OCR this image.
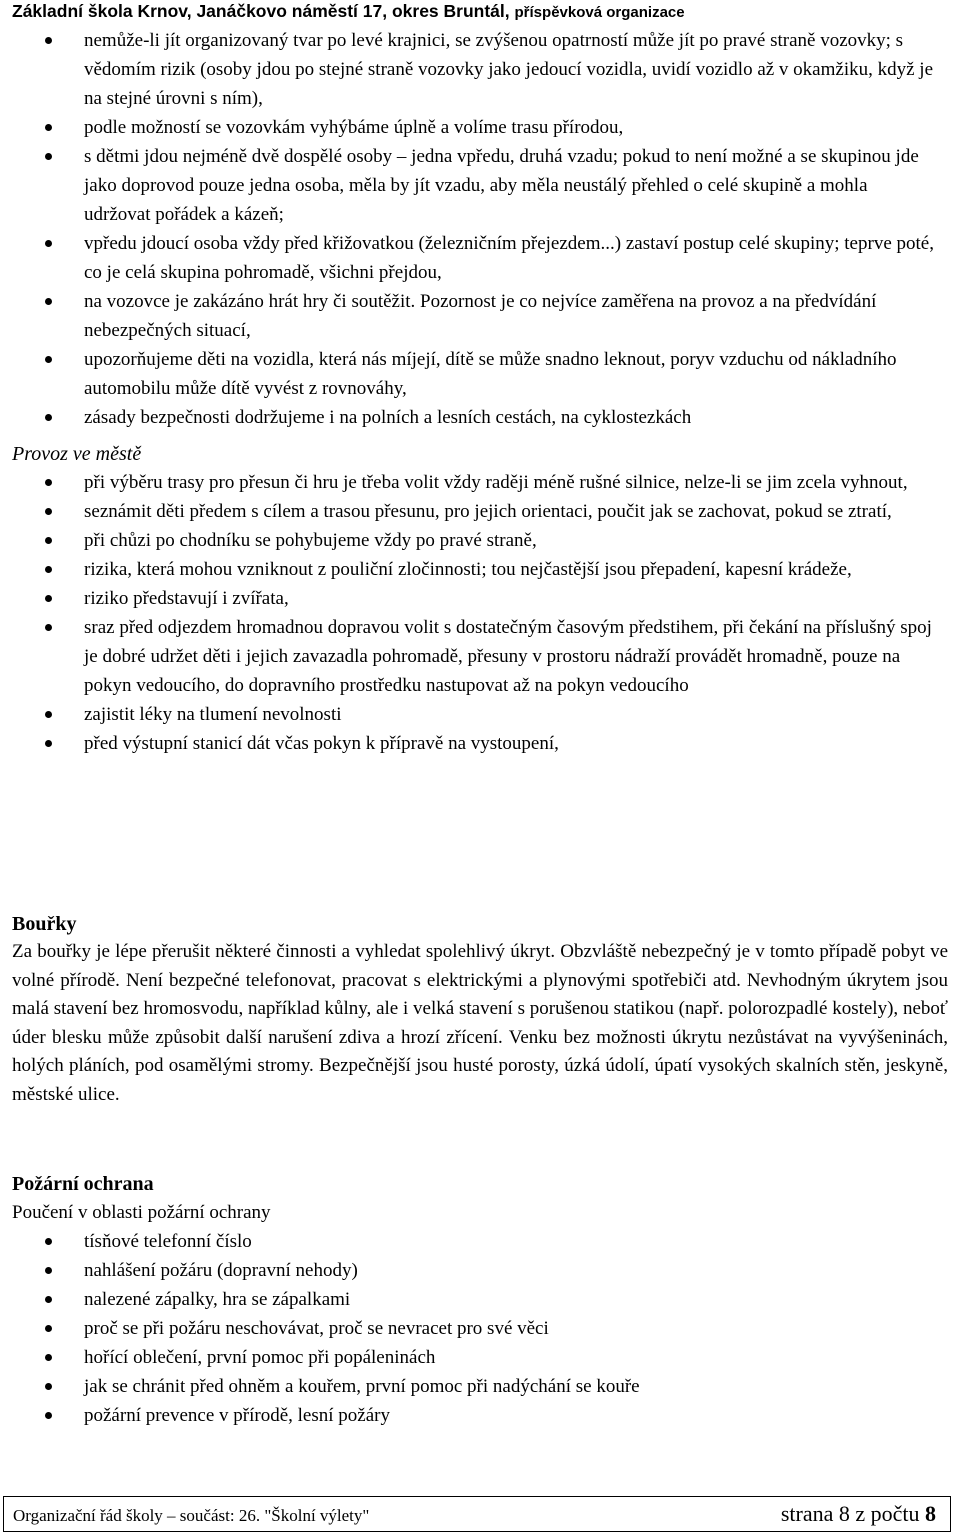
Základní škola Krnov, Janáčkovo náměstí 17, okres Bruntál, příspěvková organizace
nemůže-li jít organizovaný tvar po levé krajnici, se zvýšenou opatrností může jít po pravé straně vozovky; s vědomím rizik (osoby jdou po stejné straně vozovky jako jedoucí vozidla, uvidí vozidlo až v okamžiku, když je na stejné úrovni s ním),
podle možností se vozovkám vyhýbáme úplně a volíme trasu přírodou,
s dětmi jdou nejméně dvě dospělé osoby – jedna vpředu, druhá vzadu; pokud to není možné a se skupinou jde jako doprovod pouze jedna osoba, měla by jít vzadu, aby měla neustálý přehled o celé skupině a mohla udržovat pořádek a kázeň;
vpředu jdoucí osoba vždy před křižovatkou (železničním přejezdem...) zastaví postup celé skupiny; teprve poté, co je celá skupina pohromadě, všichni přejdou,
na vozovce je zakázáno hrát hry či soutěžit. Pozornost je co nejvíce zaměřena na provoz a na předvídání nebezpečných situací,
upozorňujeme děti na vozidla, která nás míjejí, dítě se může snadno leknout, poryv vzduchu od nákladního automobilu může dítě vyvést z rovnováhy,
zásady bezpečnosti dodržujeme i na polních a lesních cestách, na cyklostezkách
Provoz ve městě
při výběru trasy pro přesun či hru je třeba volit vždy raději méně rušné silnice, nelze-li se jim zcela vyhnout,
seznámit děti předem s cílem a trasou přesunu, pro jejich orientaci, poučit jak se zachovat, pokud se ztratí,
při chůzi po chodníku se pohybujeme vždy po pravé straně,
rizika, která mohou vzniknout z pouliční zločinnosti; tou nejčastější jsou přepadení, kapesní krádeže,
riziko představují i zvířata,
sraz před odjezdem hromadnou dopravou volit s dostatečným časovým předstihem, při čekání na příslušný spoj je dobré udržet děti i jejich zavazadla pohromadě, přesuny v prostoru nádraží provádět hromadně, pouze na pokyn vedoucího, do dopravního prostředku nastupovat až na pokyn vedoucího
zajistit léky na tlumení nevolnosti
před výstupní stanicí dát včas pokyn k přípravě na vystoupení,
Bouřky
Za bouřky je lépe přerušit některé činnosti a vyhledat spolehlivý úkryt. Obzvláště nebezpečný je v tomto případě pobyt ve volné přírodě. Není bezpečné telefonovat, pracovat s elektrickými a plynovými spotřebiči atd. Nevhodným úkrytem jsou malá stavení bez hromosvodu, například kůlny, ale i velká stavení s porušenou statikou (např. polorozpadlé kostely), neboť úder blesku může způsobit další narušení zdiva a hrozí zřícení. Venku bez možnosti úkrytu nezůstávat na vyvýšeninách, holých pláních, pod osamělými stromy. Bezpečnější jsou husté porosty, úzká údolí, úpatí vysokých skalních stěn, jeskyně, městské ulice.
Požární ochrana
Poučení v oblasti požární ochrany
tísňové telefonní číslo
nahlášení požáru (dopravní nehody)
nalezené zápalky, hra se zápalkami
proč se při požáru neschovávat, proč se nevracet pro své věci
hořící oblečení, první pomoc při popáleninách
jak se chránit před ohněm a kouřem, první pomoc při nadýchání se kouře
požární prevence v přírodě, lesní požáry
Organizační řád školy – součást: 26. "Školní výlety"	strana 8 z počtu 8
